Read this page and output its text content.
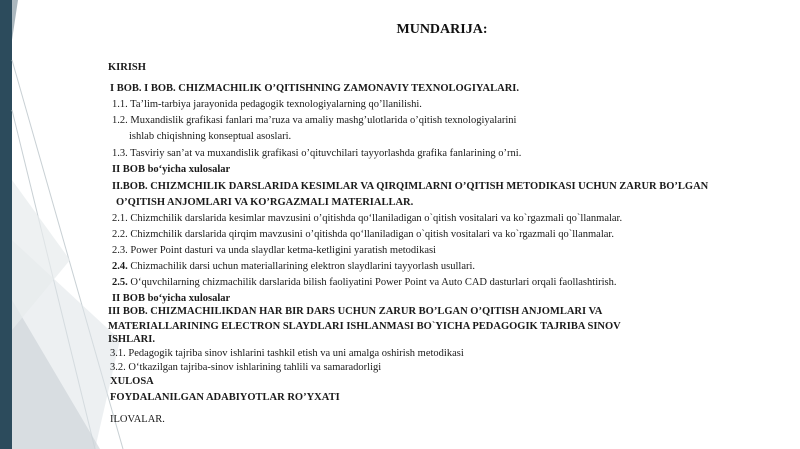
MUNDARIJA:
KIRISH
I BOB. I BOB. CHIZMACHILIK O’QITISHNING ZAMONAVIY TEXNOLOGIYALARI.
1.1. Ta’lim-tarbiya jarayonida pedagogik texnologiyalarning qo’llanilishi.
1.2. Muxandislik grafikasi fanlari ma’ruza va amaliy mashg’ulotlarida o’qitish texnologiyalarini
ishlab chiqishning konseptual asoslari.
1.3. Tasviriy san’at va muxandislik grafikasi o’qituvchilari tayyorlashda grafika fanlarining o’rni.
II BOB bo‘yicha xulosalar
II.BOB. CHIZMCHILIK DARSLARIDA KESIMLAR VA QIRQIMLARNI O’QITISH METODIKASI UCHUN ZARUR BO’LGAN
O’QITISH ANJOMLARI VA KO’RGAZMALI MATERIALLAR.
2.1. Chizmchilik darslarida kesimlar mavzusini o’qitishda qo‘llaniladigan o`qitish vositalari va ko`rgazmali qo`llanmalar.
2.2. Chizmchilik darslarida qirqim mavzusini o’qitishda qo‘llaniladigan o`qitish vositalari va ko`rgazmali qo`llanmalar.
2.3. Power Point dasturi va unda slaydlar ketma-ketligini yaratish metodikasi
2.4. Chizmachilik darsi uchun materiallarining elektron slaydlarini tayyorlash usullari.
2.5. O‘quvchilarning chizmachilik darslarida bilish faoliyatini Power Point va Auto CAD dasturlari orqali faollashtirish.
II BOB bo‘yicha xulosalar
III BOB. CHIZMACHILIKDAN HAR BIR DARS UCHUN ZARUR BO’LGAN O’QITISH ANJOMLARI VA
MATERIALLARINING ELECTRON SLAYDLARI ISHLANMASI BO`YICHA PEDAGOGIK TAJRIBA SINOV
ISHLARI.
3.1. Pedagogik tajriba sinov ishlarini tashkil etish va uni amalga oshirish metodikasi
3.2. O‘tkazilgan tajriba-sinov ishlarining tahlili va samaradorligi
XULOSA
FOYDALANILGAN ADABIYOTLAR RO’YXATI
ILOVALAR.
